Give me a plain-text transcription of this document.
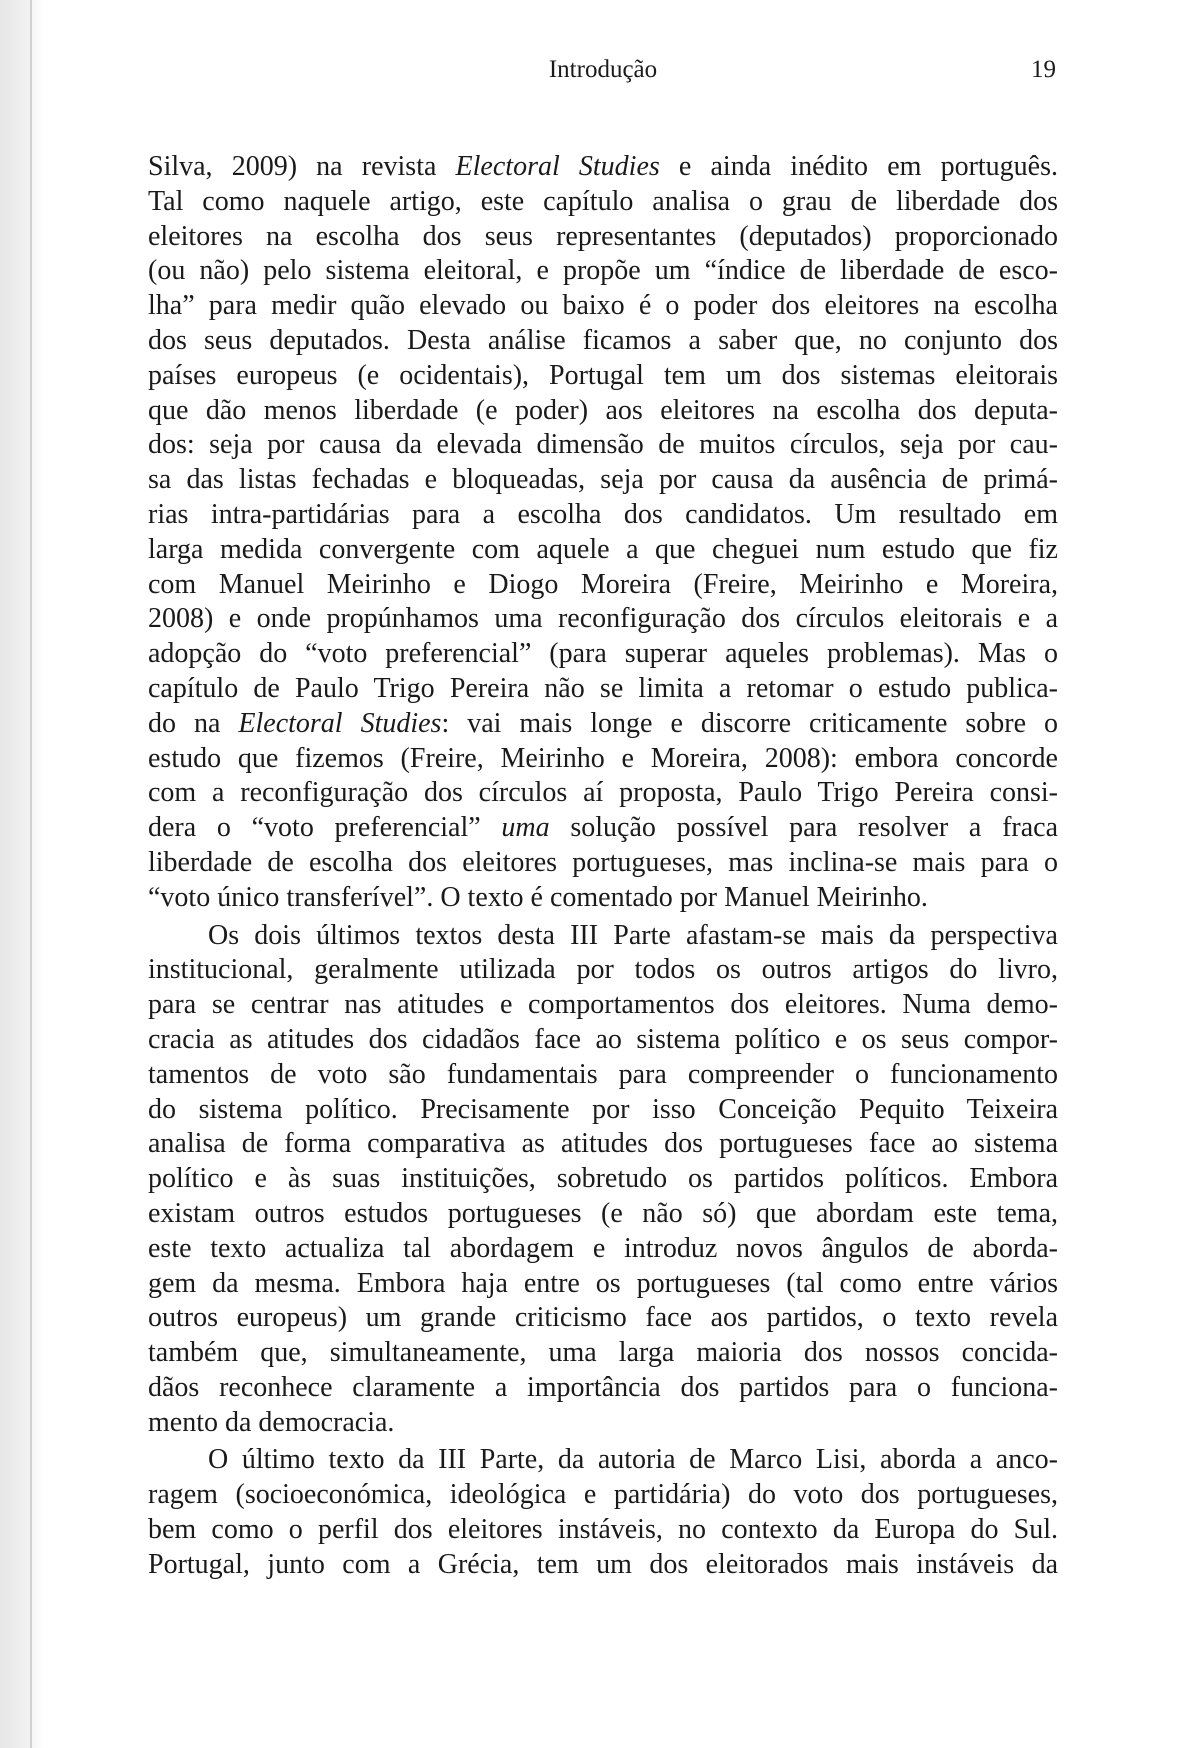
Introdução	19
Silva, 2009) na revista Electoral Studies e ainda inédito em português.
Tal como naquele artigo, este capítulo analisa o grau de liberdade dos
eleitores na escolha dos seus representantes (deputados) proporcionado
(ou não) pelo sistema eleitoral, e propõe um “índice de liberdade de esco-
lha” para medir quão elevado ou baixo é o poder dos eleitores na escolha
dos seus deputados. Desta análise ficamos a saber que, no conjunto dos
países europeus (e ocidentais), Portugal tem um dos sistemas eleitorais
que dão menos liberdade (e poder) aos eleitores na escolha dos deputa-
dos: seja por causa da elevada dimensão de muitos círculos, seja por cau-
sa das listas fechadas e bloqueadas, seja por causa da ausência de primá-
rias intra-partidárias para a escolha dos candidatos. Um resultado em
larga medida convergente com aquele a que cheguei num estudo que fiz
com Manuel Meirinho e Diogo Moreira (Freire, Meirinho e Moreira,
2008) e onde propúnhamos uma reconfiguração dos círculos eleitorais e a
adopção do “voto preferencial” (para superar aqueles problemas). Mas o
capítulo de Paulo Trigo Pereira não se limita a retomar o estudo publica-
do na Electoral Studies: vai mais longe e discorre criticamente sobre o
estudo que fizemos (Freire, Meirinho e Moreira, 2008): embora concorde
com a reconfiguração dos círculos aí proposta, Paulo Trigo Pereira consi-
dera o “voto preferencial” uma solução possível para resolver a fraca
liberdade de escolha dos eleitores portugueses, mas inclina-se mais para o
“voto único transferível”. O texto é comentado por Manuel Meirinho.
Os dois últimos textos desta III Parte afastam-se mais da perspectiva
institucional, geralmente utilizada por todos os outros artigos do livro,
para se centrar nas atitudes e comportamentos dos eleitores. Numa demo-
cracia as atitudes dos cidadãos face ao sistema político e os seus compor-
tamentos de voto são fundamentais para compreender o funcionamento
do sistema político. Precisamente por isso Conceição Pequito Teixeira
analisa de forma comparativa as atitudes dos portugueses face ao sistema
político e às suas instituições, sobretudo os partidos políticos. Embora
existam outros estudos portugueses (e não só) que abordam este tema,
este texto actualiza tal abordagem e introduz novos ângulos de aborda-
gem da mesma. Embora haja entre os portugueses (tal como entre vários
outros europeus) um grande criticismo face aos partidos, o texto revela
também que, simultaneamente, uma larga maioria dos nossos concida-
dãos reconhece claramente a importância dos partidos para o funciona-
mento da democracia.
O último texto da III Parte, da autoria de Marco Lisi, aborda a anco-
ragem (socioeconómica, ideológica e partidária) do voto dos portugueses,
bem como o perfil dos eleitores instáveis, no contexto da Europa do Sul.
Portugal, junto com a Grécia, tem um dos eleitorados mais instáveis da
